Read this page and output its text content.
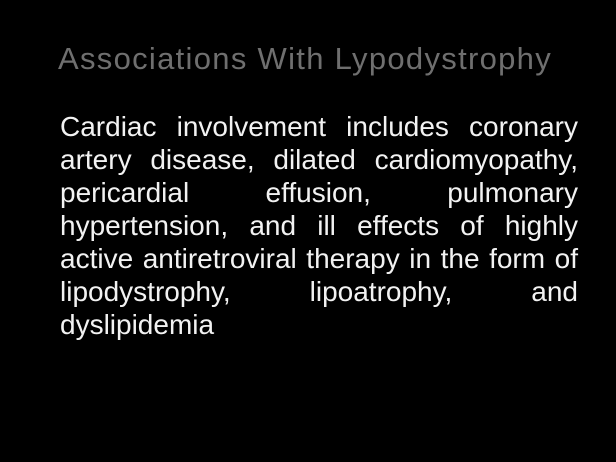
Associations With Lypodystrophy
Cardiac involvement includes coronary
artery disease, dilated cardiomyopathy,
pericardial effusion, pulmonary
hypertension, and ill effects of highly
active antiretroviral therapy in the form of
lipodystrophy, lipoatrophy, and
dyslipidemia
